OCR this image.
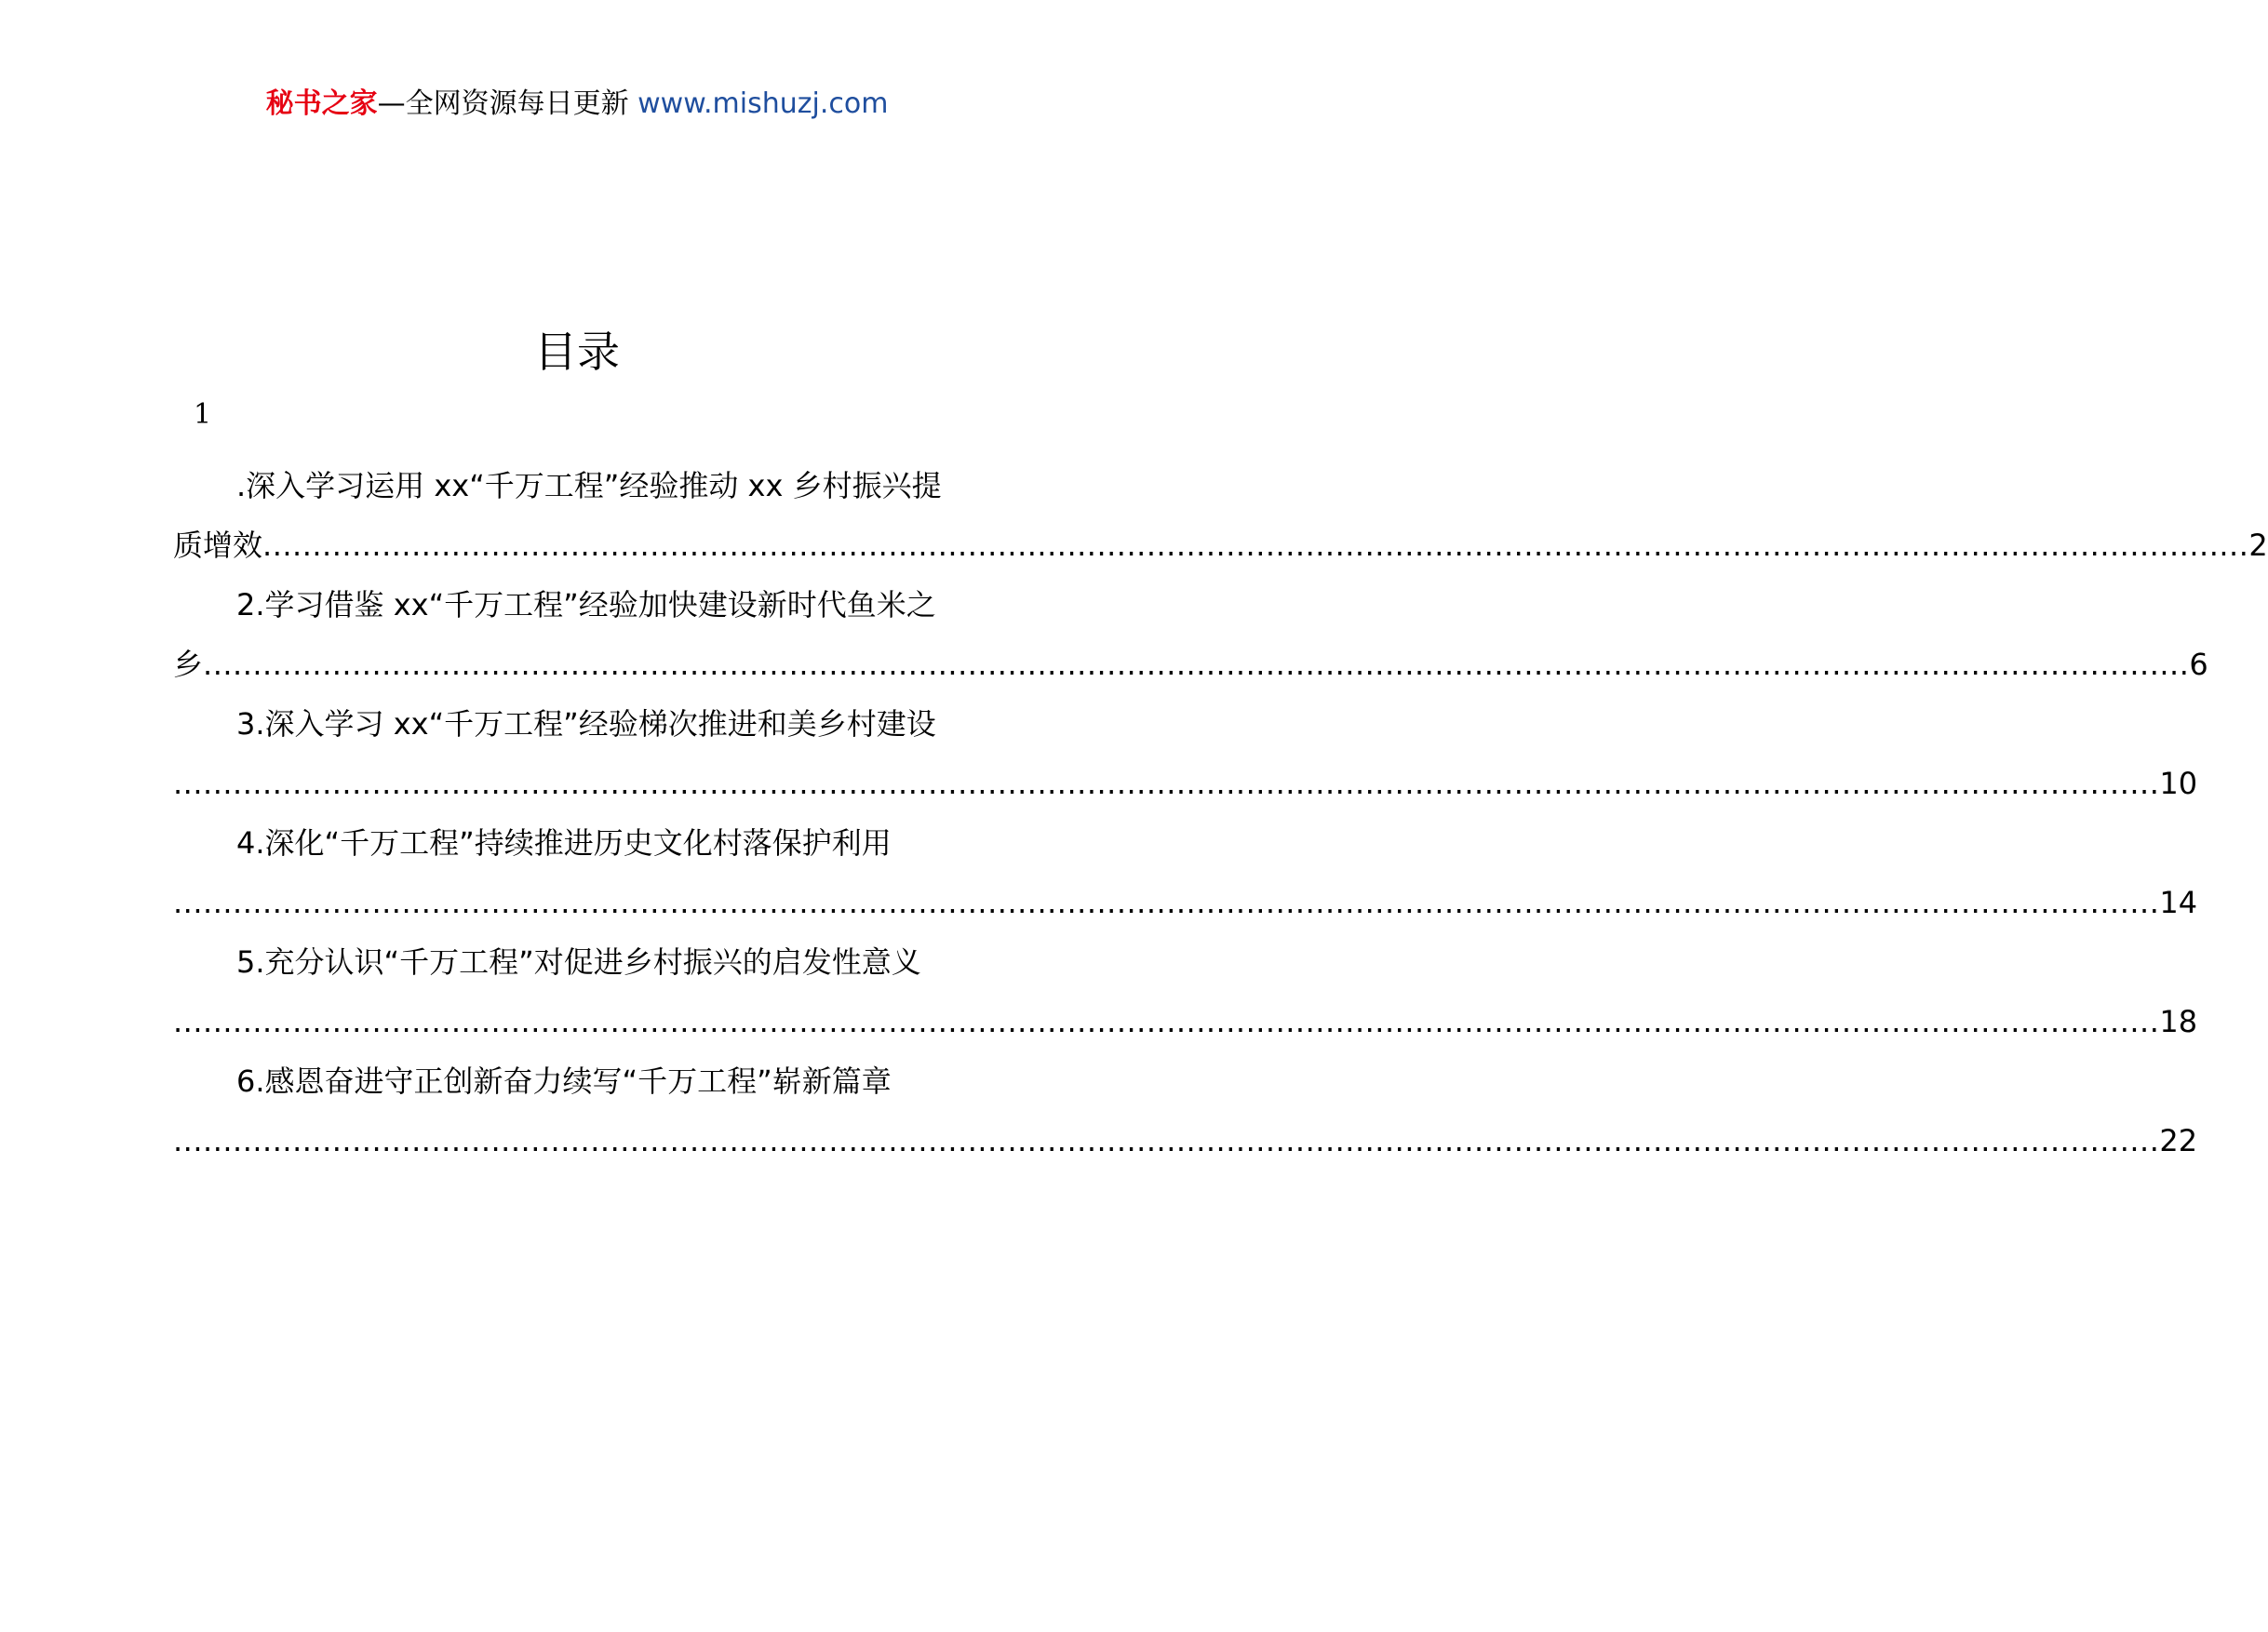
秘书之家—全网资源每日更新 www.mishuzj.com
目录
1
.深入学习运用 xx“千万工程”经验推动 xx 乡村振兴提
质增效 ........................................................................................................................................................................................................ 2
2.学习借鉴 xx“千万工程”经验加快建设新时代鱼米之
乡 ........................................................................................................................................................................................................ 6
3.深入学习 xx“千万工程”经验梯次推进和美乡村建设
........................................................................................................................................................................................................ 10
4.深化“千万工程”持续推进历史文化村落保护利用
........................................................................................................................................................................................................ 14
5.充分认识“千万工程”对促进乡村振兴的启发性意义
........................................................................................................................................................................................................ 18
6.感恩奋进守正创新奋力续写“千万工程”崭新篇章
........................................................................................................................................................................................................ 22
